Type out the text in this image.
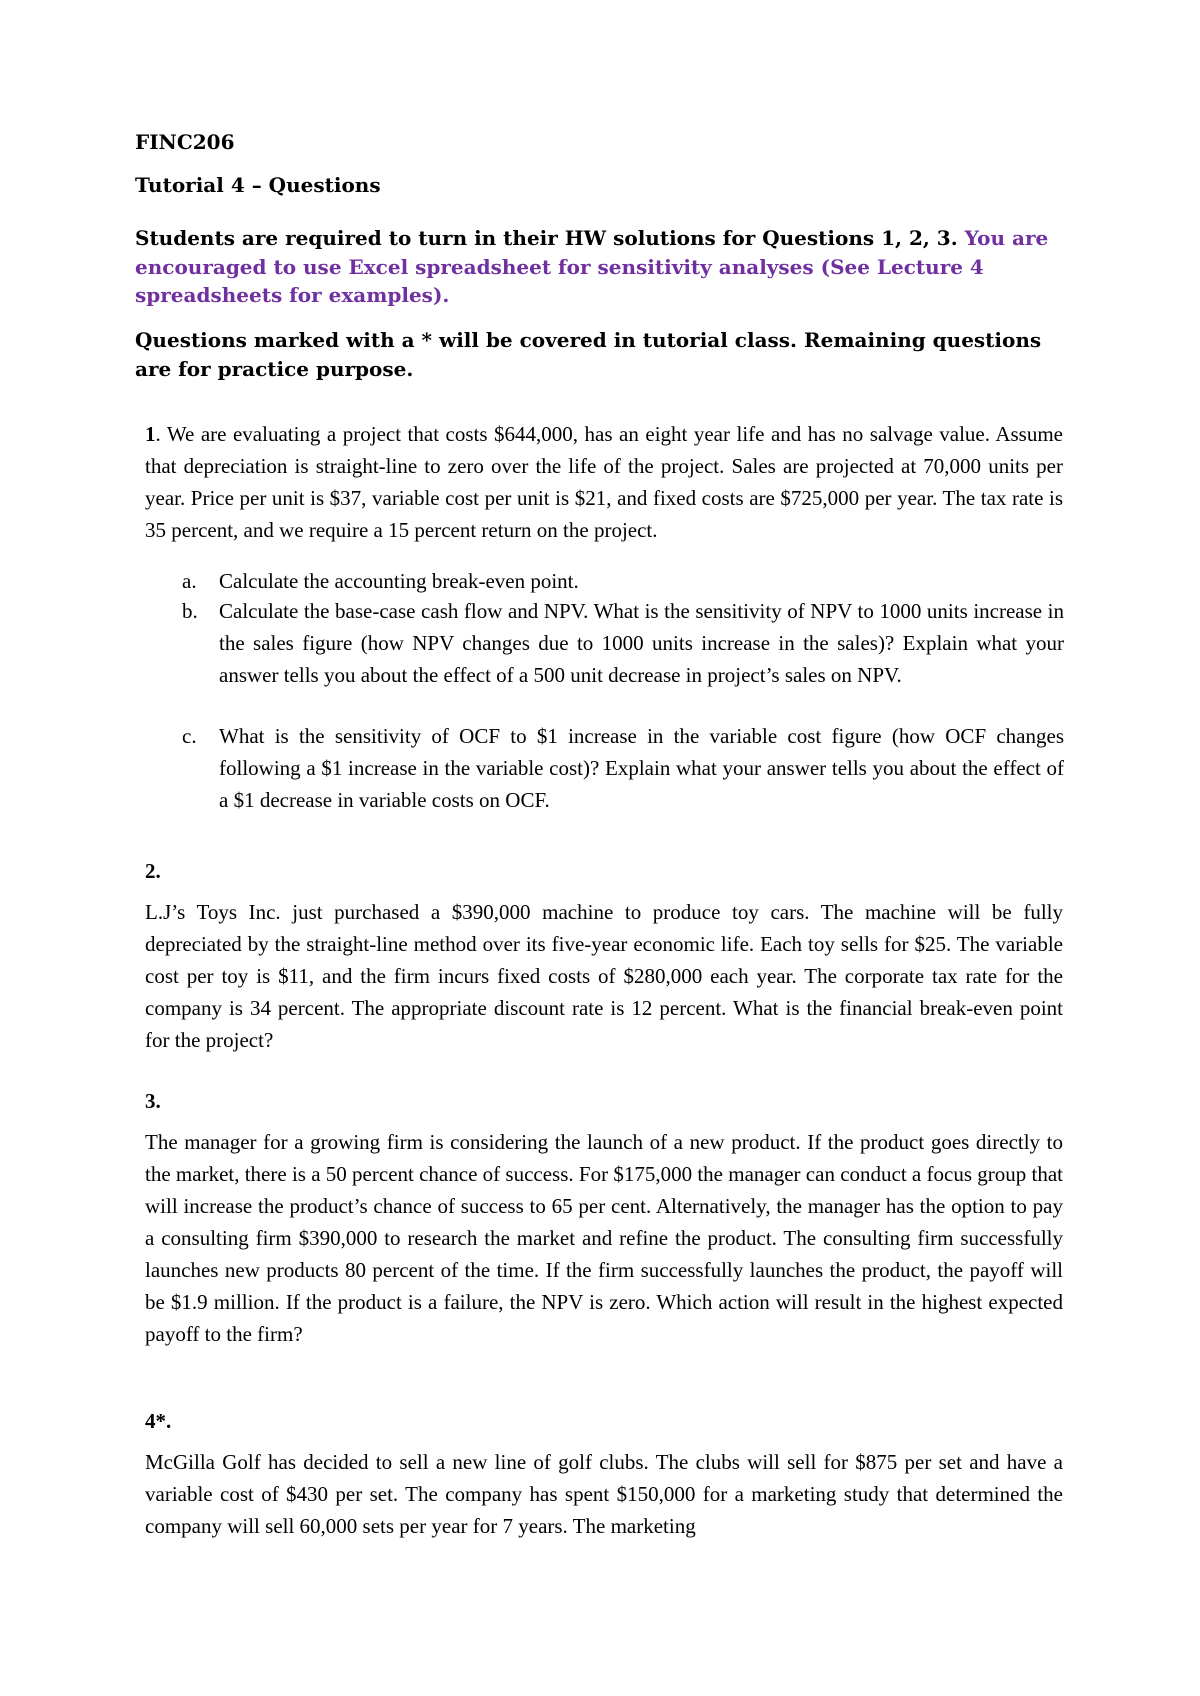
FINC206

Tutorial 4 – Questions

Students are required to turn in their HW solutions for Questions 1, 2, 3. You are encouraged to use Excel spreadsheet for sensitivity analyses (See Lecture 4 spreadsheets for examples).

Questions marked with a * will be covered in tutorial class. Remaining questions are for practice purpose.

1. We are evaluating a project that costs $644,000, has an eight year life and has no salvage value. Assume that depreciation is straight-line to zero over the life of the project. Sales are projected at 70,000 units per year. Price per unit is $37, variable cost per unit is $21, and fixed costs are $725,000 per year. The tax rate is 35 percent, and we require a 15 percent return on the project.

a.	Calculate the accounting break-even point.
b.	Calculate the base-case cash flow and NPV. What is the sensitivity of NPV to 1000 units increase in the sales figure (how NPV changes due to 1000 units increase in the sales)? Explain what your answer tells you about the effect of a 500 unit decrease in project’s sales on NPV.
c.	What is the sensitivity of OCF to $1 increase in the variable cost figure (how OCF changes following a $1 increase in the variable cost)? Explain what your answer tells you about the effect of a $1 decrease in variable costs on OCF.

2.

L.J’s Toys Inc. just purchased a $390,000 machine to produce toy cars. The machine will be fully depreciated by the straight-line method over its five-year economic life. Each toy sells for $25. The variable cost per toy is $11, and the firm incurs fixed costs of $280,000 each year. The corporate tax rate for the company is 34 percent. The appropriate discount rate is 12 percent. What is the financial break-even point for the project?

3.

The manager for a growing firm is considering the launch of a new product. If the product goes directly to the market, there is a 50 percent chance of success. For $175,000 the manager can conduct a focus group that will increase the product’s chance of success to 65 per cent. Alternatively, the manager has the option to pay a consulting firm $390,000 to research the market and refine the product. The consulting firm successfully launches new products 80 percent of the time. If the firm successfully launches the product, the payoff will be $1.9 million. If the product is a failure, the NPV is zero. Which action will result in the highest expected payoff to the firm?

4*.

McGilla Golf has decided to sell a new line of golf clubs. The clubs will sell for $875 per set and have a variable cost of $430 per set. The company has spent $150,000 for a marketing study that determined the company will sell 60,000 sets per year for 7 years. The marketing
